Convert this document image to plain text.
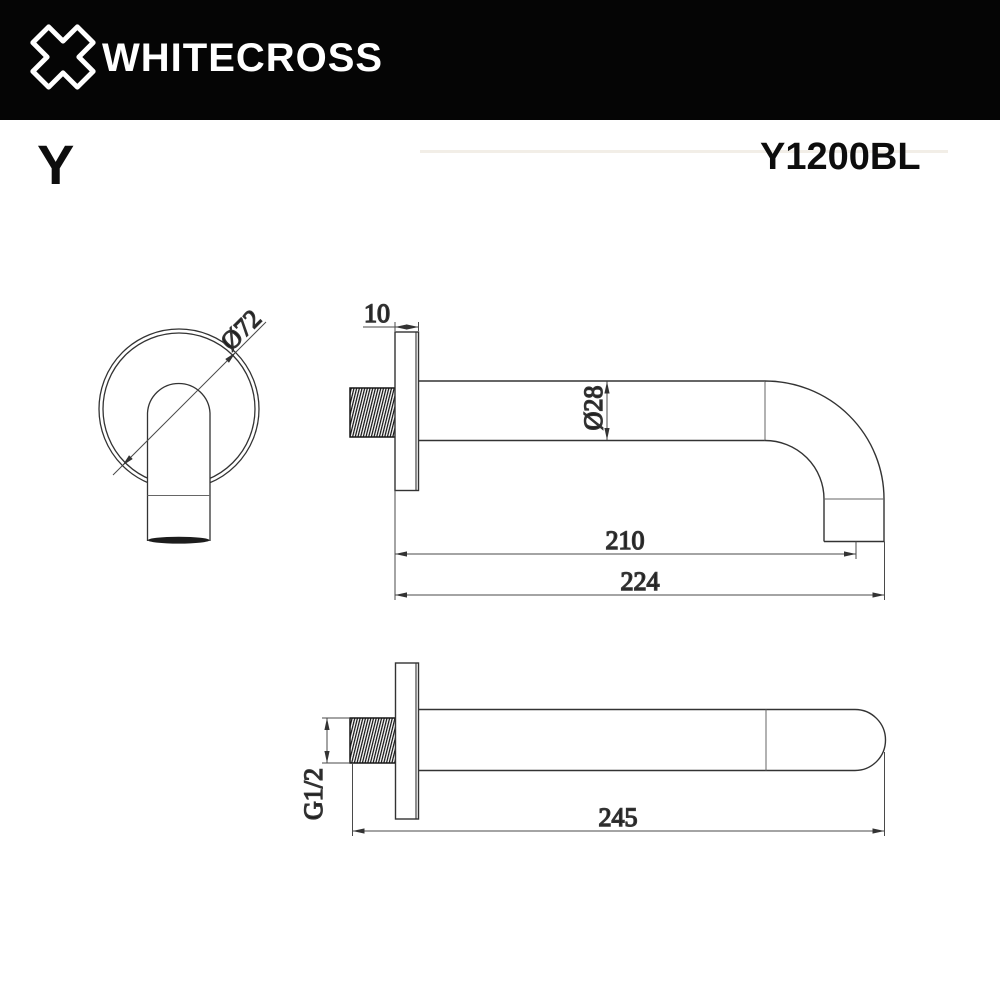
WHITECROSS
Y	Y1200BL
Ø72	10
Ø28
210
224
G1/2	245
